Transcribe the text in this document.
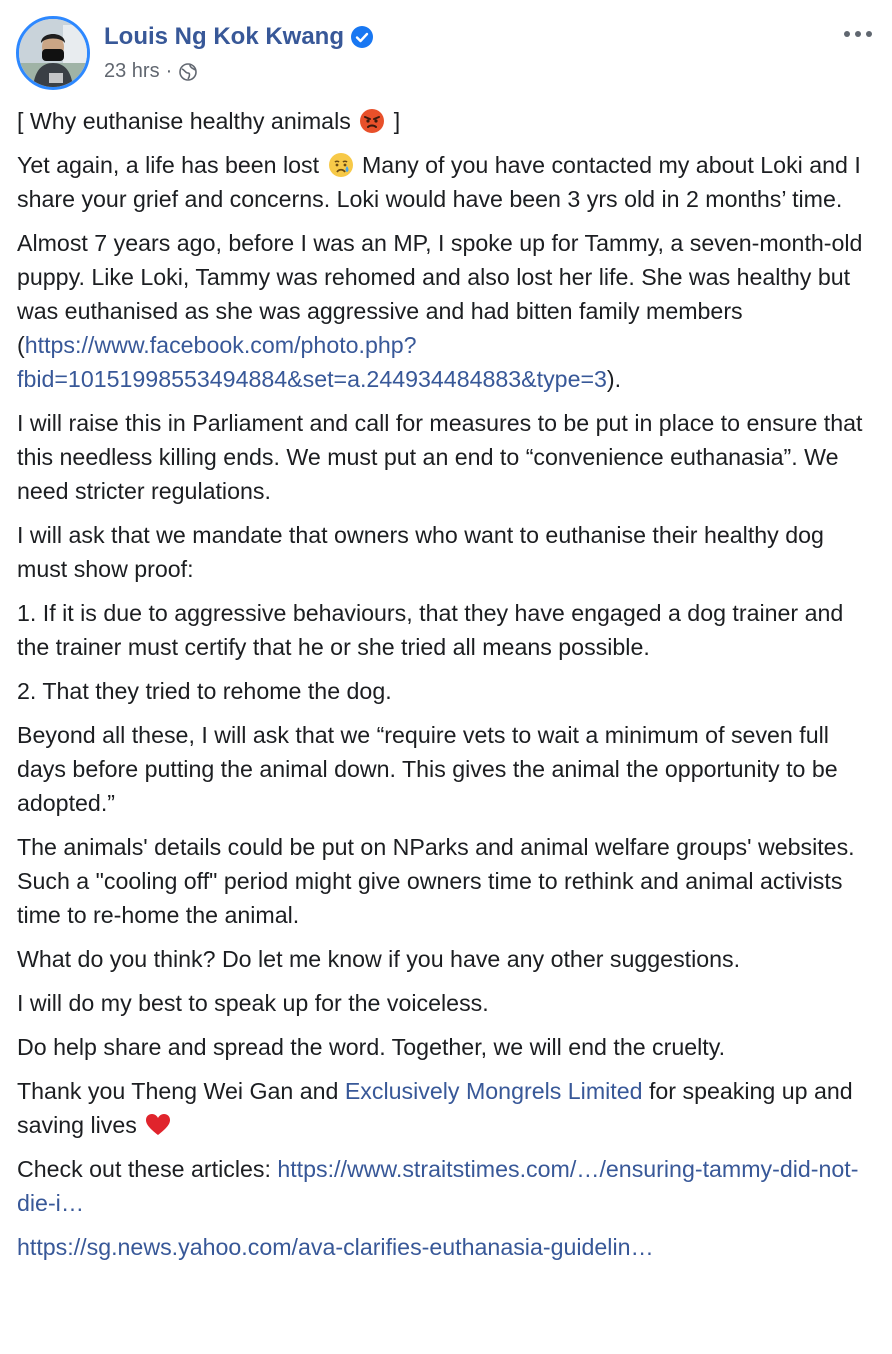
Louis Ng Kok Kwang
23 hrs ·

[ Why euthanise healthy animals  ]

Yet again, a life has been lost  Many of you have contacted my about Loki and I share your grief and concerns. Loki would have been 3 yrs old in 2 months’ time.

Almost 7 years ago, before I was an MP, I spoke up for Tammy, a seven-month-old puppy. Like Loki, Tammy was rehomed and also lost her life. She was healthy but was euthanised as she was aggressive and had bitten family members (https://www.facebook.com/photo.php?fbid=10151998553494884&set=a.244934484883&type=3).

I will raise this in Parliament and call for measures to be put in place to ensure that this needless killing ends. We must put an end to “convenience euthanasia”. We need stricter regulations.

I will ask that we mandate that owners who want to euthanise their healthy dog must show proof:

1. If it is due to aggressive behaviours, that they have engaged a dog trainer and the trainer must certify that he or she tried all means possible.

2. That they tried to rehome the dog.

Beyond all these, I will ask that we “require vets to wait a minimum of seven full days before putting the animal down. This gives the animal the opportunity to be adopted.”

The animals' details could be put on NParks and animal welfare groups' websites. Such a "cooling off" period might give owners time to rethink and animal activists time to re-home the animal.

What do you think? Do let me know if you have any other suggestions.

I will do my best to speak up for the voiceless.

Do help share and spread the word. Together, we will end the cruelty.

Thank you Theng Wei Gan and Exclusively Mongrels Limited for speaking up and saving lives

Check out these articles: https://www.straitstimes.com/…/ensuring-tammy-did-not-die-i…

https://sg.news.yahoo.com/ava-clarifies-euthanasia-guidelin…
